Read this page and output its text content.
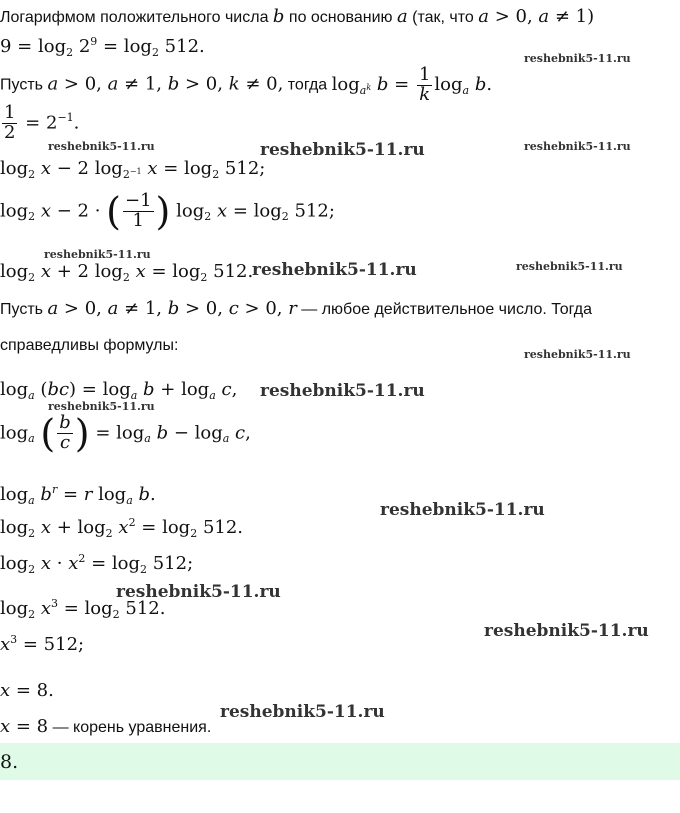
Логарифмом положительного числа b по основанию a (так, что a > 0, a ≠ 1)
$9 = \log_2 2^9 = \log_2 512$.
Пусть a > 0, a ≠ 1, b > 0, k ≠ 0, тогда $\log_{a^k} b = \frac{1}{k} \log_a b$.
$\frac{1}{2} = 2^{-1}$.
$\log_2 x - 2$ $\log_{2^{-1}} x = \log_2 512$;
$\log_2 x - 2$ · ( $\frac{-1}{1}$ ) $\log_2 x = \log_2 512$;
$\log_2 x + 2$ $\log_2 x = \log_2 512$.
Пусть a > 0, a ≠ 1, b > 0, c > 0, r — любое действительное число. Тогда
справедливы формулы:
$\log_a (bc) = \log_a b + \log_a c$,
$\log_a$ ( $\frac{b}{c}$ ) = $\log_a b - \log_a c$,
$\log_a b^r = r$ $\log_a b$.
$\log_2 x + \log_2 x^2 = \log_2 512$.
$\log_2 x \cdot x^2 = \log_2 512$;
$\log_2 x^3 = \log_2 512$.
$x^3 = 512$;
x = 8.
x = 8 — корень уравнения.
8.
reshebnik5-11.ru
reshebnik5-11.ru	reshebnik5-11.ru	reshebnik5-11.ru
reshebnik5-11.ru
reshebnik5-11.ru	reshebnik5-11.ru
reshebnik5-11.ru
reshebnik5-11.ru
reshebnik5-11.ru
reshebnik5-11.ru
reshebnik5-11.ru
reshebnik5-11.ru
reshebnik5-11.ru
